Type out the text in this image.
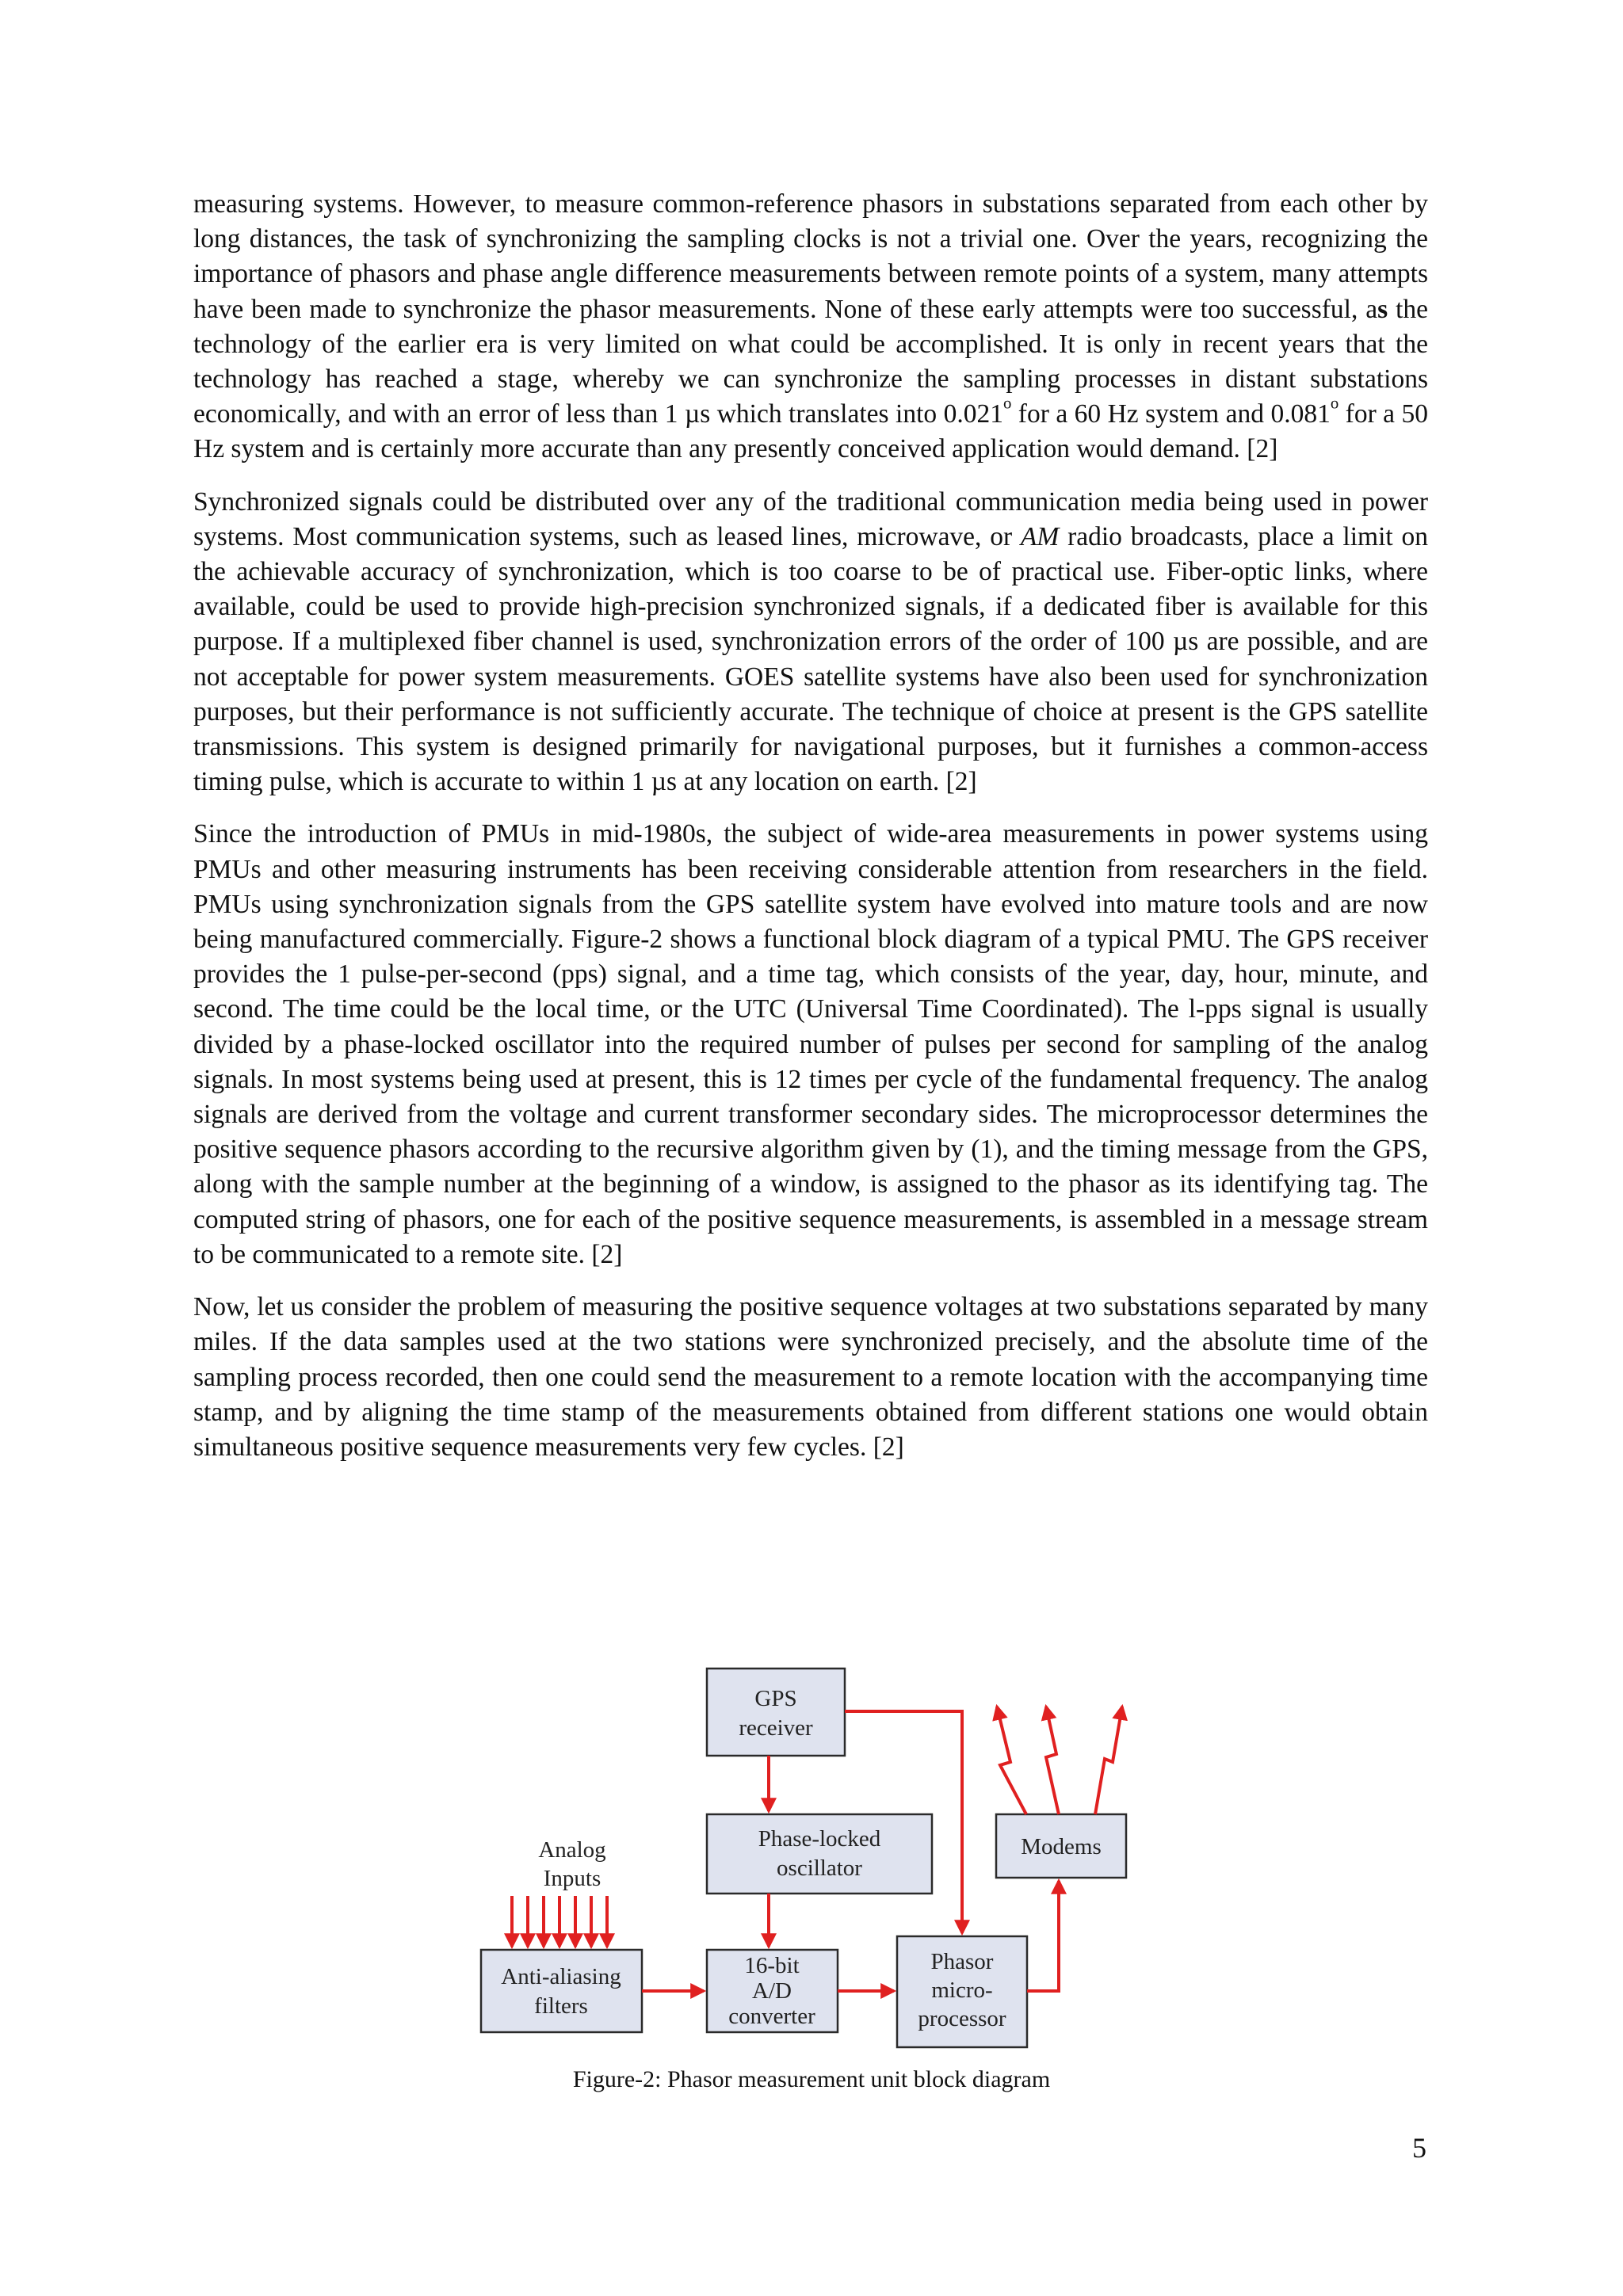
measuring systems. However, to measure common-reference phasors in substations separated from each other by long distances, the task of synchronizing the sampling clocks is not a trivial one. Over the years, recognizing the importance of phasors and phase angle difference measurements between remote points of a system, many attempts have been made to synchronize the phasor measurements. None of these early attempts were too successful, as the technology of the earlier era is very limited on what could be accomplished. It is only in recent years that the technology has reached a stage, whereby we can synchronize the sampling processes in distant substations economically, and with an error of less than 1 µs which translates into 0.021$^o$ for a 60 Hz system and 0.081$^o$ for a 50 Hz system and is certainly more accurate than any presently conceived application would demand. [2]

Synchronized signals could be distributed over any of the traditional communication media being used in power systems. Most communication systems, such as leased lines, microwave, or AM radio broadcasts, place a limit on the achievable accuracy of synchronization, which is too coarse to be of practical use. Fiber-optic links, where available, could be used to provide high-precision synchronized signals, if a dedicated fiber is available for this purpose. If a multiplexed fiber channel is used, synchronization errors of the order of 100 µs are possible, and are not acceptable for power system measurements. GOES satellite systems have also been used for synchronization purposes, but their performance is not sufficiently accurate. The technique of choice at present is the GPS satellite transmissions. This system is designed primarily for navigational purposes, but it furnishes a common-access timing pulse, which is accurate to within 1 µs at any location on earth. [2]

Since the introduction of PMUs in mid-1980s, the subject of wide-area measurements in power systems using PMUs and other measuring instruments has been receiving considerable attention from researchers in the field. PMUs using synchronization signals from the GPS satellite system have evolved into mature tools and are now being manufactured commercially. Figure-2 shows a functional block diagram of a typical PMU. The GPS receiver provides the 1 pulse-per-second (pps) signal, and a time tag, which consists of the year, day, hour, minute, and second. The time could be the local time, or the UTC (Universal Time Coordinated). The l-pps signal is usually divided by a phase-locked oscillator into the required number of pulses per second for sampling of the analog signals. In most systems being used at present, this is 12 times per cycle of the fundamental frequency. The analog signals are derived from the voltage and current transformer secondary sides. The microprocessor determines the positive sequence phasors according to the recursive algorithm given by (1), and the timing message from the GPS, along with the sample number at the beginning of a window, is assigned to the phasor as its identifying tag. The computed string of phasors, one for each of the positive sequence measurements, is assembled in a message stream to be communicated to a remote site. [2]

Now, let us consider the problem of measuring the positive sequence voltages at two substations separated by many miles. If the data samples used at the two stations were synchronized precisely, and the absolute time of the sampling process recorded, then one could send the measurement to a remote location with the accompanying time stamp, and by aligning the time stamp of the measurements obtained from different stations one would obtain simultaneous positive sequence measurements very few cycles. [2]

GPS
receiver
Phase-locked
oscillator
Modems
Analog
Inputs
Anti-aliasing
filters
16-bit
A/D
converter
Phasor
micro-
processor
Figure-2: Phasor measurement unit block diagram
5
